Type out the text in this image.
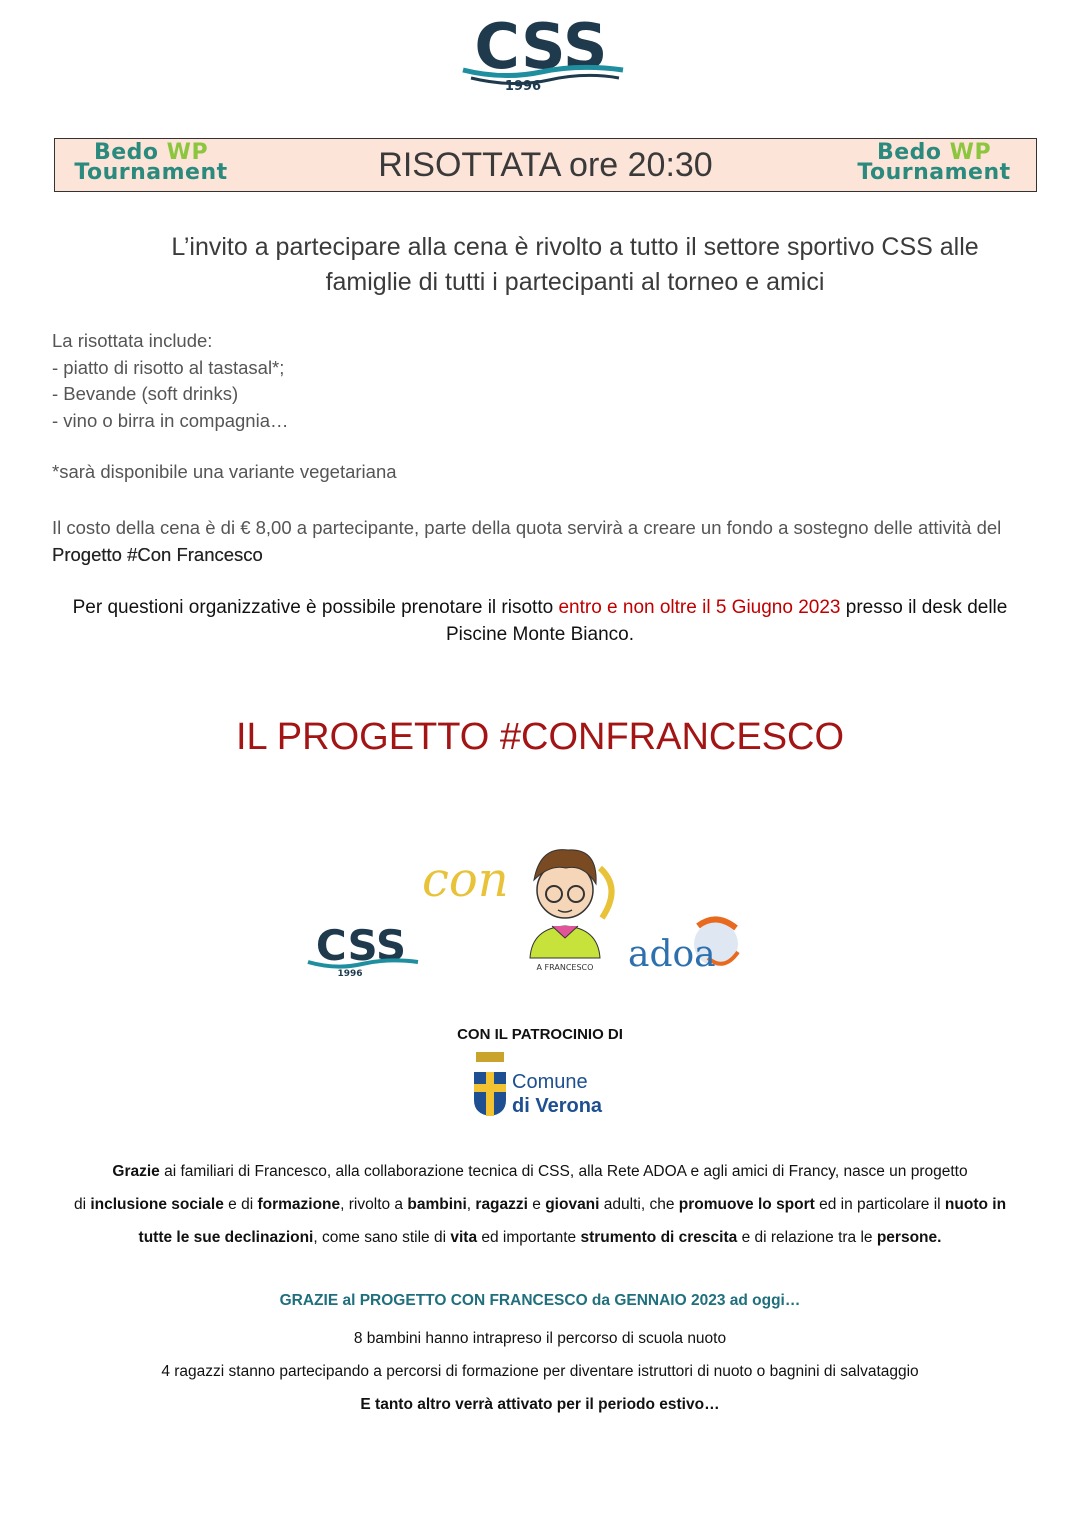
CSS
1996
Bedo WP
Tournament	RISOTTATA ore 20:30	Bedo WP
Tournament
L’invito a partecipare alla cena è rivolto a tutto il settore sportivo CSS alle
famiglie di tutti i partecipanti al torneo e amici
La risottata include:
- piatto di risotto al tastasal*;
- Bevande (soft drinks)
- vino o birra in compagnia…
*sarà disponibile una variante vegetariana
Il costo della cena è di € 8,00 a partecipante, parte della quota servirà a creare un fondo a sostegno delle attività del Progetto #Con Francesco
Per questioni organizzative è possibile prenotare il risotto entro e non oltre il 5 Giugno 2023 presso il desk delle Piscine Monte Bianco.
IL PROGETTO #CONFRANCESCO
CSS
1996
con
A FRANCESCO adoa
CON IL PATROCINIO DI
Comune
di Verona
Grazie ai familiari di Francesco, alla collaborazione tecnica di CSS, alla Rete ADOA e agli amici di Francy, nasce un progetto
di inclusione sociale e di formazione, rivolto a bambini, ragazzi e giovani adulti, che promuove lo sport ed in particolare il nuoto in
tutte le sue declinazioni, come sano stile di vita ed importante strumento di crescita e di relazione tra le persone.
GRAZIE al PROGETTO CON FRANCESCO da GENNAIO 2023 ad oggi…
8 bambini hanno intrapreso il percorso di scuola nuoto
4 ragazzi stanno partecipando a percorsi di formazione per diventare istruttori di nuoto o bagnini di salvataggio
E tanto altro verrà attivato per il periodo estivo…
